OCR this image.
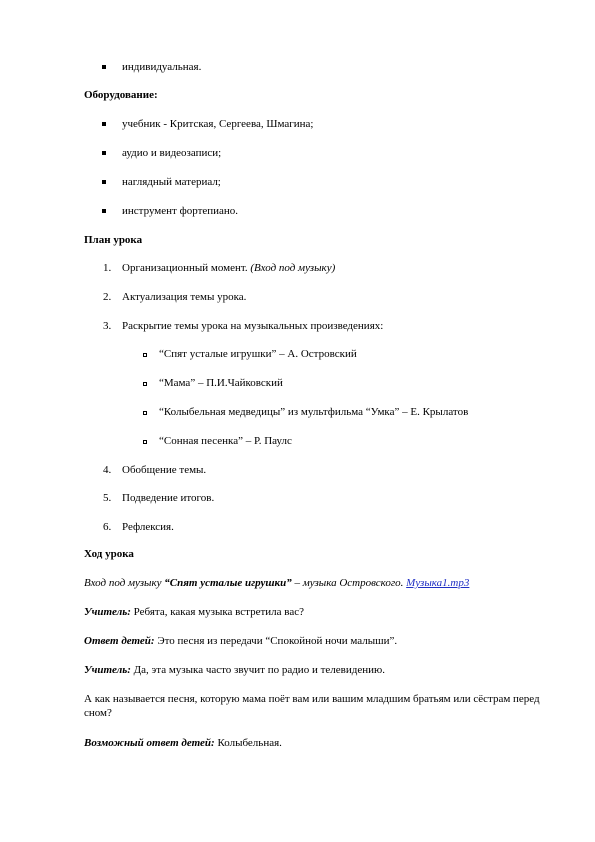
индивидуальная.
Оборудование:
учебник - Критская, Сергеева, Шмагина;
аудио и видеозаписи;
наглядный материал;
инструмент фортепиано.
План урока
1. Организационный момент. (Вход под музыку)
2. Актуализация темы урока.
3. Раскрытие темы урока на музыкальных произведениях:
“Спят усталые игрушки” – А. Островский
“Мама” – П.И.Чайковский
“Колыбельная медведицы” из мультфильма “Умка” – Е. Крылатов
“Сонная песенка” – Р. Паулс
4. Обобщение темы.
5. Подведение итогов.
6. Рефлексия.
Ход урока
Вход под музыку “Спят усталые игрушки” – музыка Островского. Музыка1.mp3
Учитель: Ребята, какая музыка встретила вас?
Ответ детей: Это песня из передачи “Спокойной ночи малыши”.
Учитель: Да, эта музыка часто звучит по радио и телевидению.
А как называется песня, которую мама поёт вам или вашим младшим братьям или сёстрам перед сном?
Возможный ответ детей: Колыбельная.
